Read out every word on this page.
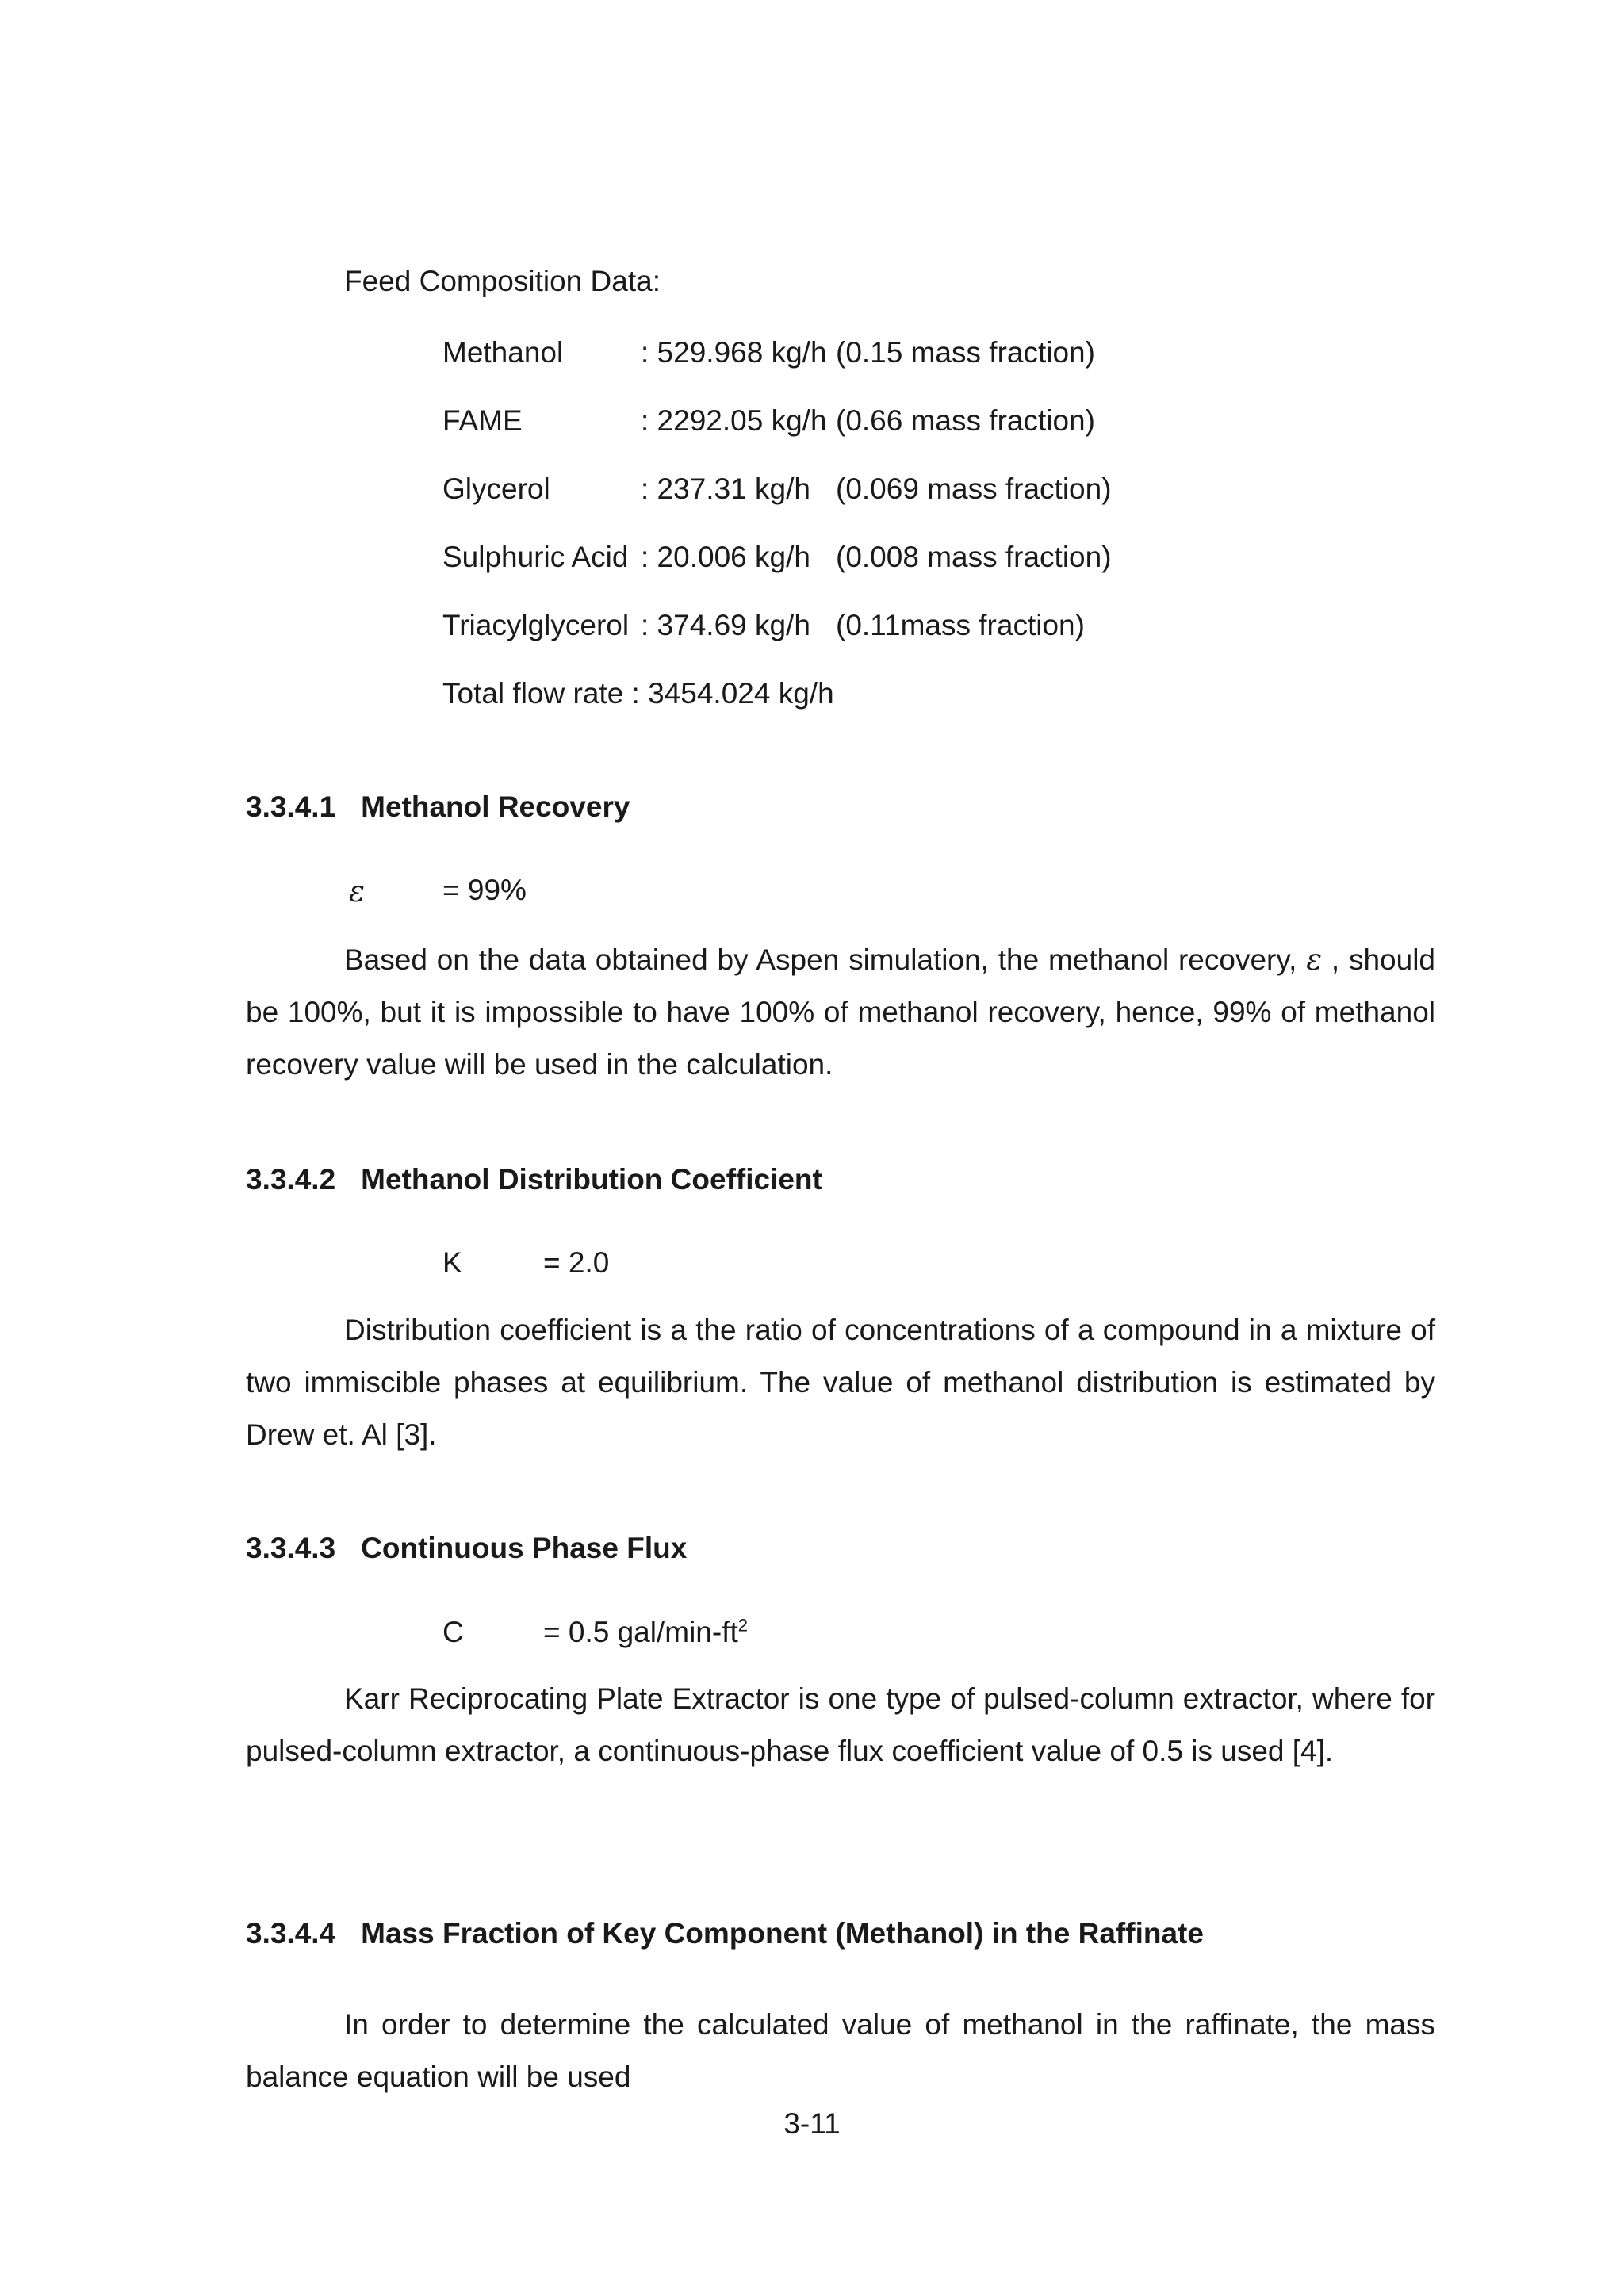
Feed Composition Data:
Methanol	: 529.968 kg/h (0.15 mass fraction)
FAME	: 2292.05 kg/h (0.66 mass fraction)
Glycerol	: 237.31 kg/h (0.069 mass fraction)
Sulphuric Acid : 20.006 kg/h (0.008 mass fraction)
Triacylglycerol : 374.69 kg/h (0.11mass fraction)
Total flow rate : 3454.024 kg/h
3.3.4.1 Methanol Recovery
ε	= 99%

Based on the data obtained by Aspen simulation, the methanol recovery, ε , should be 100%, but it is impossible to have 100% of methanol recovery, hence, 99% of methanol recovery value will be used in the calculation.

3.3.4.2 Methanol Distribution Coefficient
K	= 2.0

Distribution coefficient is a the ratio of concentrations of a compound in a mixture of two immiscible phases at equilibrium. The value of methanol distribution is estimated by Drew et. Al [3].

3.3.4.3 Continuous Phase Flux
C	= 0.5 gal/$\min-ft^2$

Karr Reciprocating Plate Extractor is one type of pulsed-column extractor, where for pulsed-column extractor, a continuous-phase flux coefficient value of 0.5 is used [4].

3.3.4.4 Mass Fraction of Key Component (Methanol) in the Raffinate

In order to determine the calculated value of methanol in the raffinate, the mass balance equation will be used

3-11
